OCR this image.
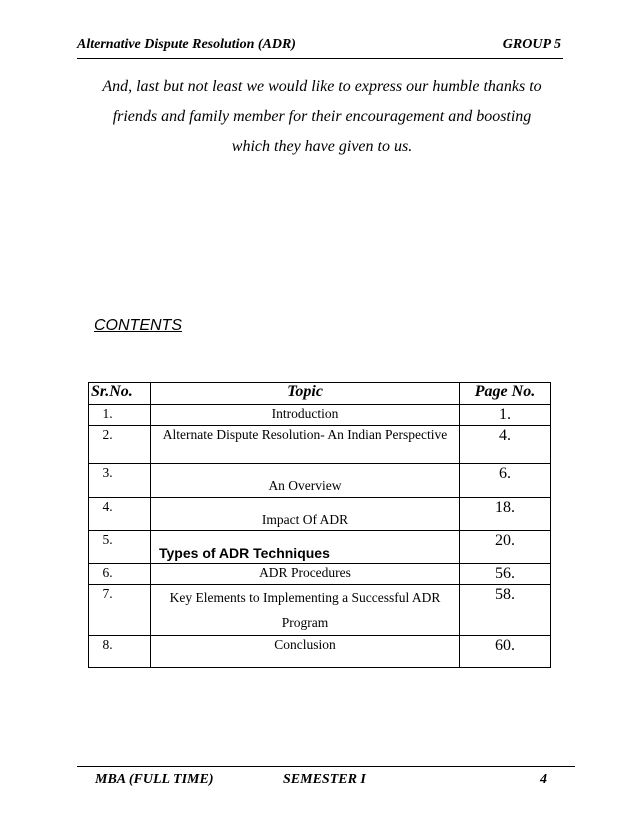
Alternative Dispute Resolution (ADR)	GROUP 5
And, last but not least we would like to express our humble thanks to friends and family member for their encouragement and boosting which they have given to us.
CONTENTS
Sr.No.	Topic	Page No.
1.	Introduction	1.
2.	Alternate Dispute Resolution- An Indian Perspective	4.
3.	An Overview	6.
4.	Impact Of ADR	18.
5.	Types of ADR Techniques	20.
6.	ADR Procedures	56.
7.	Key Elements to Implementing a Successful ADR Program	58.
8.	Conclusion	60.
MBA (FULL TIME)	SEMESTER I	4
